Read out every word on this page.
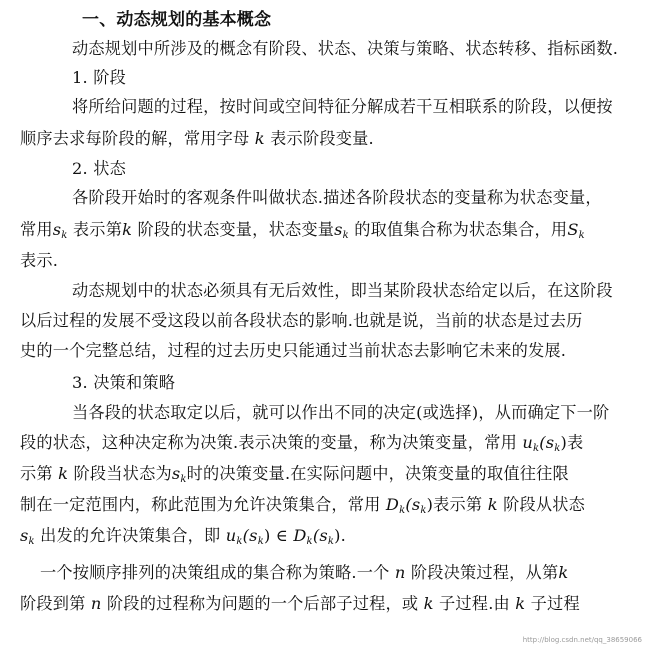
一、动态规划的基本概念
动态规划中所涉及的概念有阶段、状态、决策与策略、状态转移、指标函数.
1. 阶段
将所给问题的过程，按时间或空间特征分解成若干互相联系的阶段，以便按
顺序去求每阶段的解，常用字母 k 表示阶段变量.
2. 状态
各阶段开始时的客观条件叫做状态.描述各阶段状态的变量称为状态变量，
常用$s_k$ 表示第k 阶段的状态变量，状态变量$s_k$ 的取值集合称为状态集合，用$S_k$
表示.
动态规划中的状态必须具有无后效性，即当某阶段状态给定以后，在这阶段
以后过程的发展不受这段以前各段状态的影响.也就是说，当前的状态是过去历
史的一个完整总结，过程的过去历史只能通过当前状态去影响它未来的发展.
3. 决策和策略
当各段的状态取定以后，就可以作出不同的决定(或选择)，从而确定下一阶
段的状态，这种决定称为决策.表示决策的变量，称为决策变量，常用 $u_k(s_k)$表
示第 k 阶段当状态为$s_k$时的决策变量.在实际问题中，决策变量的取值往往限
制在一定范围内，称此范围为允许决策集合，常用 $D_k(s_k)$表示第 k 阶段从状态
$s_k$ 出发的允许决策集合，即 $u_k(s_k)$ ∈ $D_k(s_k)$.
一个按顺序排列的决策组成的集合称为策略.一个 n 阶段决策过程，从第k
阶段到第 n 阶段的过程称为问题的一个后部子过程，或 k 子过程.由 k 子过程
http://blog.csdn.net/qq_38659066
